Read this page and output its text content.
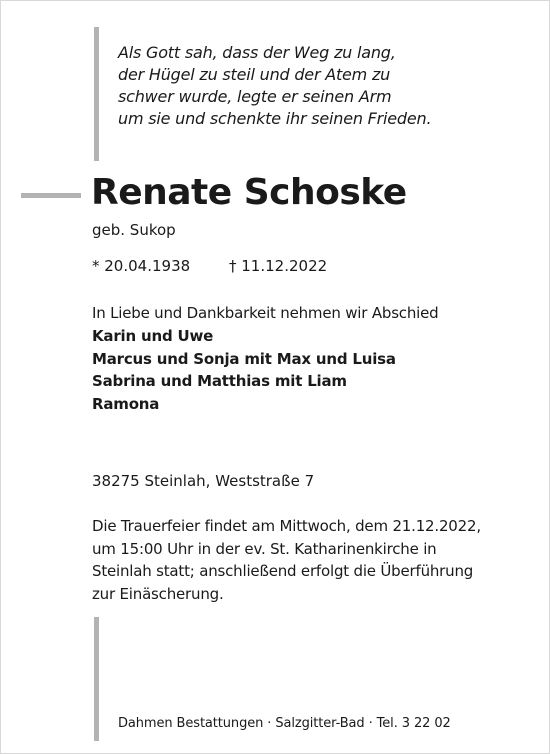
Als Gott sah, dass der Weg zu lang,
der Hügel zu steil und der Atem zu
schwer wurde, legte er seinen Arm
um sie und schenkte ihr seinen Frieden.
Renate Schoske
geb. Sukop
* 20.04.1938	† 11.12.2022
In Liebe und Dankbarkeit nehmen wir Abschied
Karin und Uwe
Marcus und Sonja mit Max und Luisa
Sabrina und Matthias mit Liam
Ramona
38275 Steinlah, Weststraße 7
Die Trauerfeier findet am Mittwoch, dem 21.12.2022,
um 15:00 Uhr in der ev. St. Katharinenkirche in
Steinlah statt; anschließend erfolgt die Überführung
zur Einäscherung.
Dahmen Bestattungen · Salzgitter-Bad · Tel. 3 22 02
